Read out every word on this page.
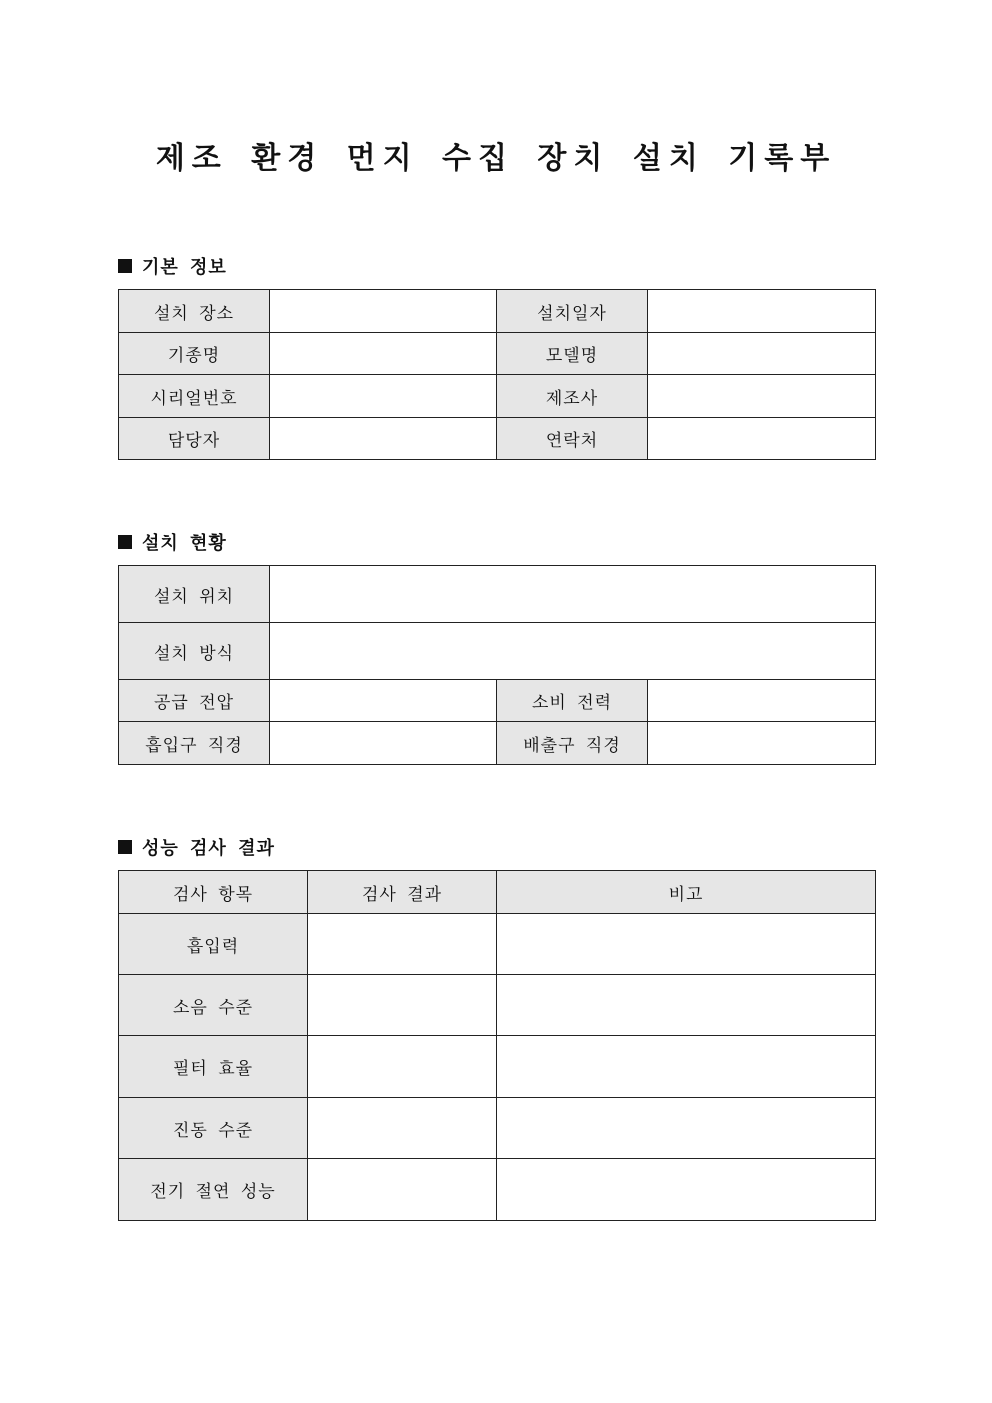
제조 환경 먼지 수집 장치 설치 기록부
기본 정보
설치 장소		설치일자	
기종명		모델명	
시리얼번호		제조사	
담당자		연락처	
설치 현황
설치 위치			
설치 방식			
공급 전압		소비 전력	
흡입구 직경		배출구 직경	
성능 검사 결과
검사 항목	검사 결과	비고
흡입력		
소음 수준		
필터 효율		
진동 수준		
전기 절연 성능		
